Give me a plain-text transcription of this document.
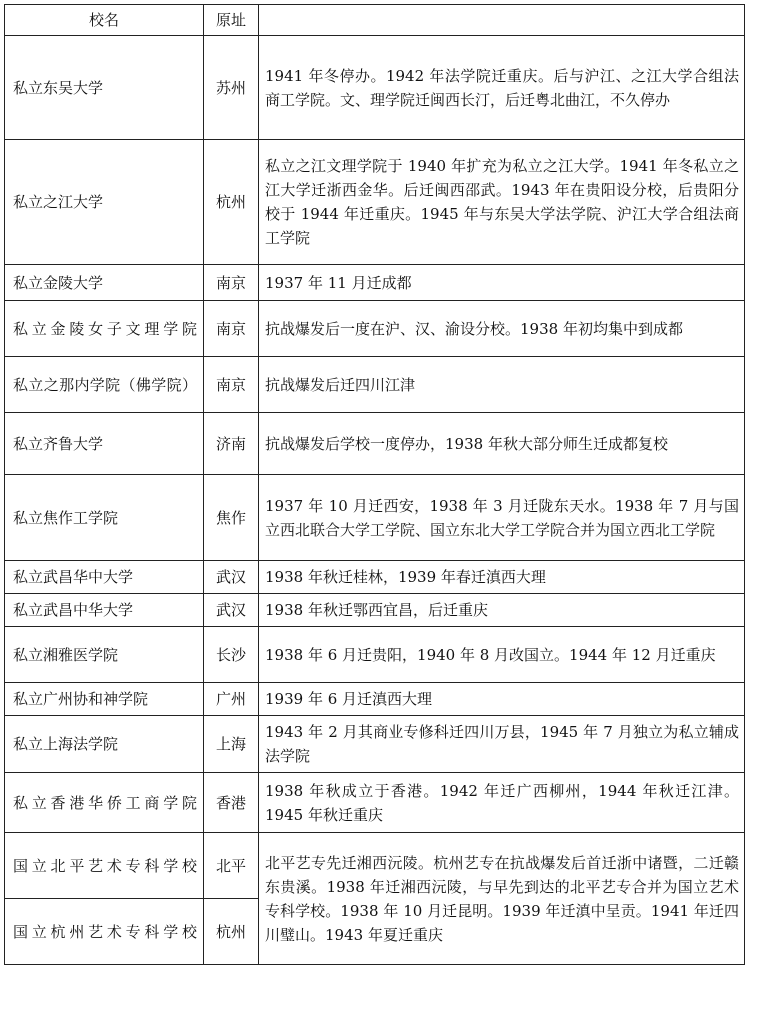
校名	原址	
私立东吴大学	苏州	1941 年冬停办。1942 年法学院迁重庆。后与沪江、之江大学合组法商工学院。文、理学院迁闽西长汀，后迁粤北曲江，不久停办
私立之江大学	杭州	私立之江文理学院于 1940 年扩充为私立之江大学。1941 年冬私立之江大学迁浙西金华。后迁闽西邵武。1943 年在贵阳设分校，后贵阳分校于 1944 年迁重庆。1945 年与东吴大学法学院、沪江大学合组法商工学院
私立金陵大学	南京	1937 年 11 月迁成都
私立金陵女子文理学院	南京	抗战爆发后一度在沪、汉、渝设分校。1938 年初均集中到成都
私立之那内学院（佛学院）	南京	抗战爆发后迁四川江津
私立齐鲁大学	济南	抗战爆发后学校一度停办，1938 年秋大部分师生迁成都复校
私立焦作工学院	焦作	1937 年 10 月迁西安，1938 年 3 月迁陇东天水。1938 年 7 月与国立西北联合大学工学院、国立东北大学工学院合并为国立西北工学院
私立武昌华中大学	武汉	1938 年秋迁桂林，1939 年春迁滇西大理
私立武昌中华大学	武汉	1938 年秋迁鄂西宜昌，后迁重庆
私立湘雅医学院	长沙	1938 年 6 月迁贵阳，1940 年 8 月改国立。1944 年 12 月迁重庆
私立广州协和神学院	广州	1939 年 6 月迁滇西大理
私立上海法学院	上海	1943 年 2 月其商业专修科迁四川万县，1945 年 7 月独立为私立辅成法学院
私立香港华侨工商学院	香港	1938 年秋成立于香港。1942 年迁广西柳州，1944 年秋迁江津。1945 年秋迁重庆
国立北平艺术专科学校	北平	北平艺专先迁湘西沅陵。杭州艺专在抗战爆发后首迁浙中诸暨，二迁赣东贵溪。1938 年迁湘西沅陵，与早先到达的北平艺专合并为国立艺术专科学校。1938 年 10 月迁昆明。1939 年迁滇中呈贡。1941 年迁四川璧山。1943 年夏迁重庆
国立杭州艺术专科学校	杭州	
